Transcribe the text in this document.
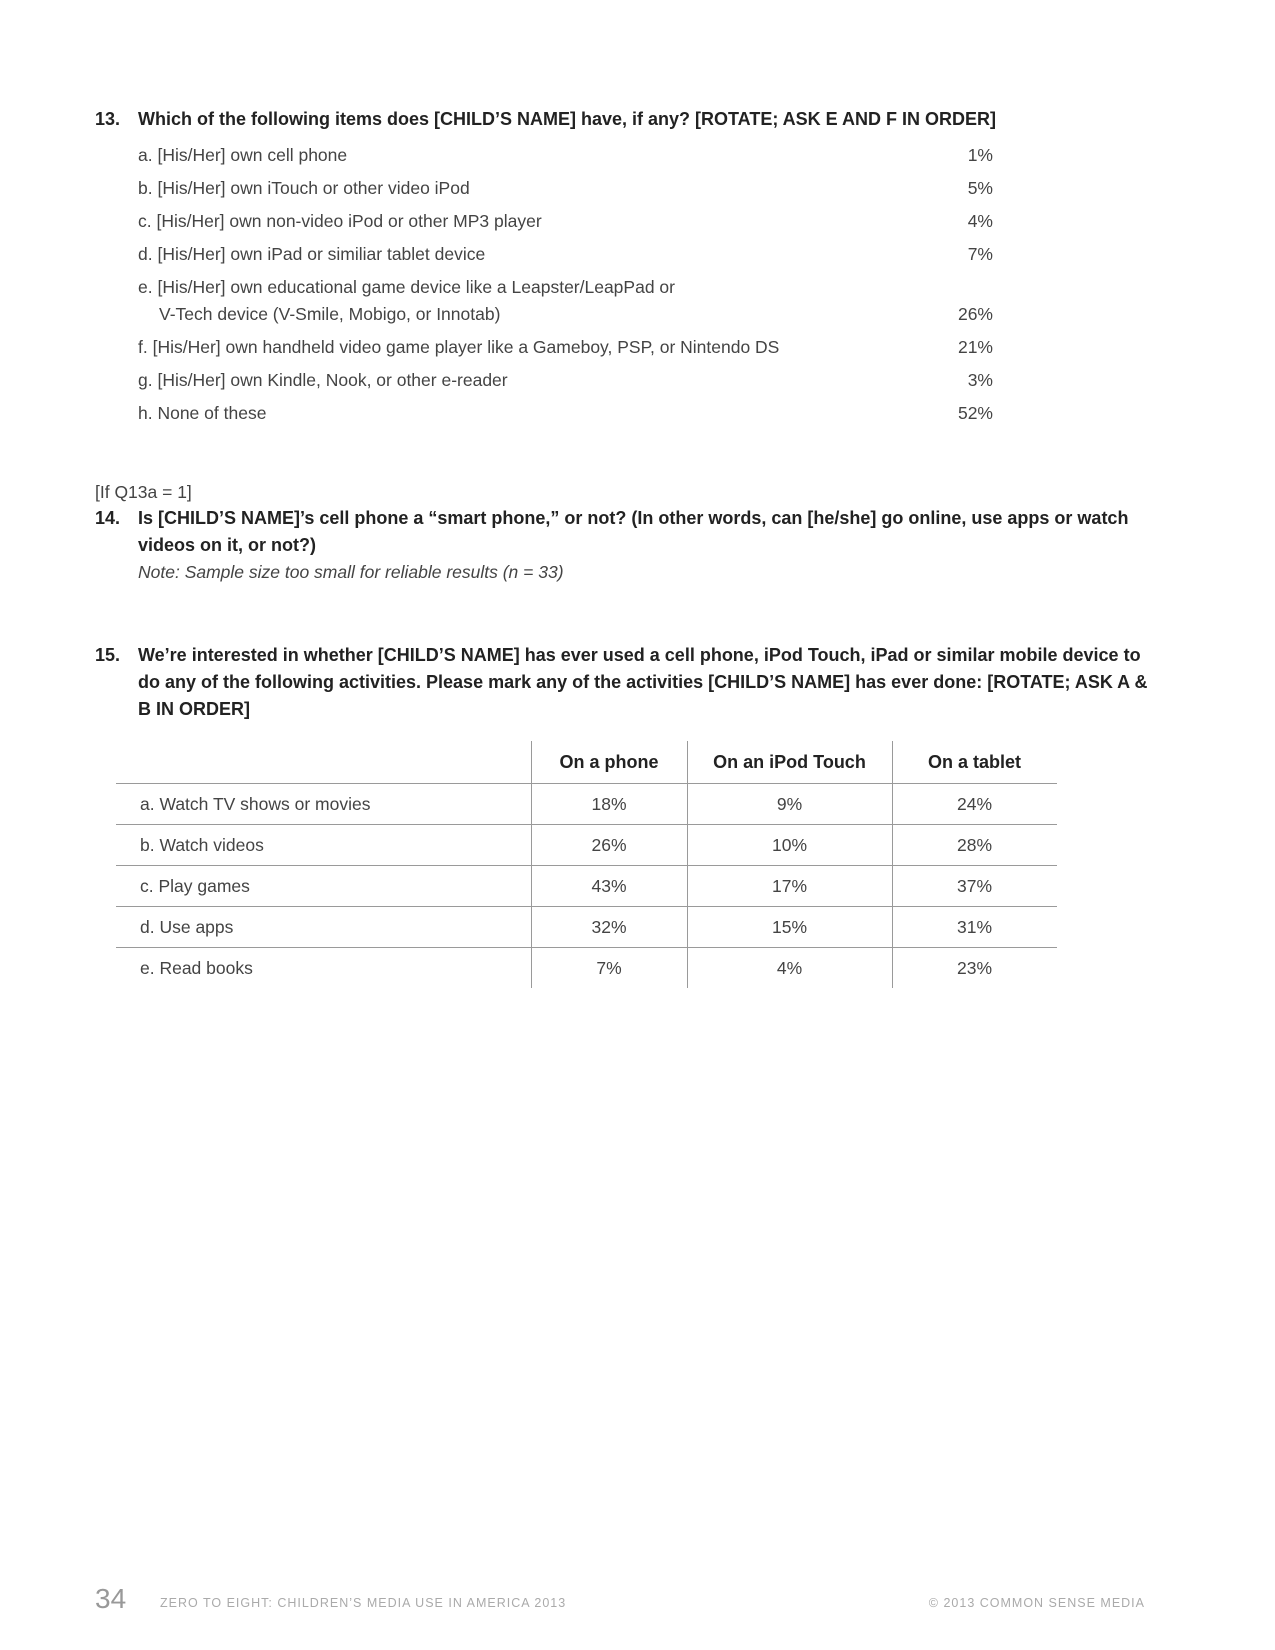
13. Which of the following items does [CHILD’S NAME] have, if any? [ROTATE; ASK E AND F IN ORDER]
a. [His/Her] own cell phone	1%
b. [His/Her] own iTouch or other video iPod	5%
c. [His/Her] own non-video iPod or other MP3 player	4%
d. [His/Her] own iPad or similiar tablet device	7%
e. [His/Her] own educational game device like a Leapster/LeapPad or
V-Tech device (V-Smile, Mobigo, or Innotab)	26%
f. [His/Her] own handheld video game player like a Gameboy, PSP, or Nintendo DS	21%
g. [His/Her] own Kindle, Nook, or other e-reader	3%
h. None of these	52%
[If Q13a = 1]
14. Is [CHILD’S NAME]’s cell phone a “smart phone,” or not? (In other words, can [he/she] go online, use apps or watch videos on it, or not?)
Note: Sample size too small for reliable results (n = 33)
15. We’re interested in whether [CHILD’S NAME] has ever used a cell phone, iPod Touch, iPad or similar mobile device to do any of the following activities. Please mark any of the activities [CHILD’S NAME] has ever done: [ROTATE; ASK A & B IN ORDER]
	On a phone	On an iPod Touch	On a tablet
a. Watch TV shows or movies	18%	9%	24%
b. Watch videos	26%	10%	28%
c. Play games	43%	17%	37%
d. Use apps	32%	15%	31%
e. Read books	7%	4%	23%
34	ZERO TO EIGHT: CHILDREN’S MEDIA USE IN AMERICA 2013	© 2013 COMMON SENSE MEDIA
